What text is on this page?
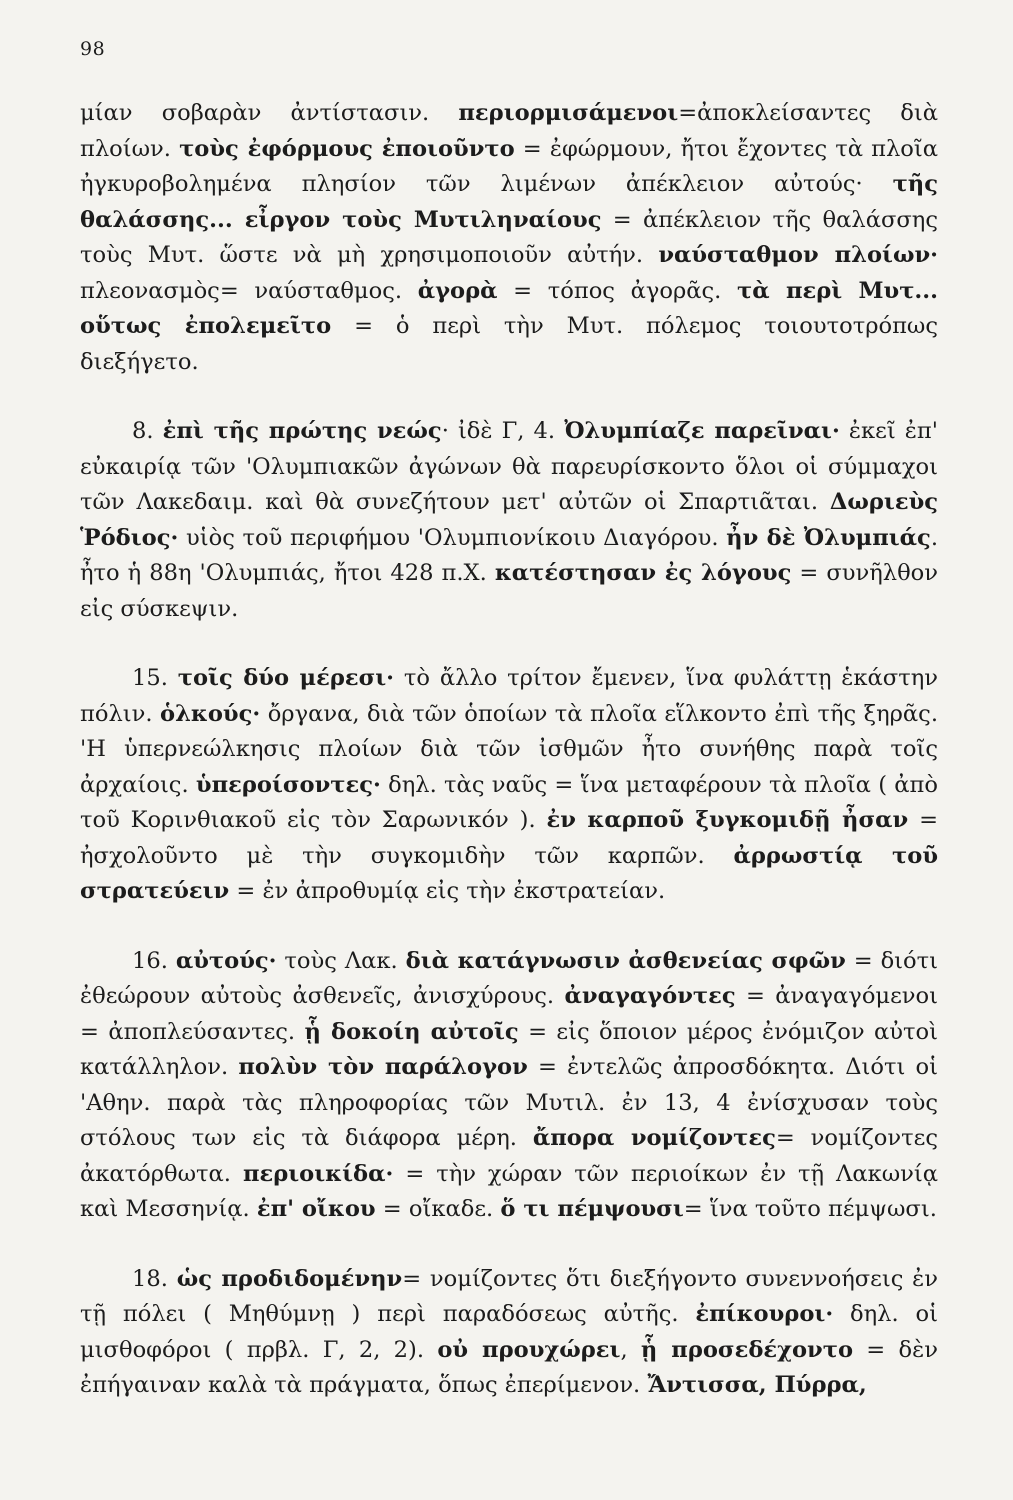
98

μίαν σοβαρὰν ἀντίστασιν. περιορμισάμενοι=ἀποκλείσαντες διὰ πλοίων. τοὺς ἐφόρμους ἐποιοῦντο = ἐφώρμουν, ἤτοι ἔχοντες τὰ πλοῖα ἠγκυροβολημένα πλησίον τῶν λιμένων ἀπέκλειον αὐτούς· τῆς θαλάσσης... εἶργον τοὺς Μυτιληναίους = ἀπέκλειον τῆς θαλάσσης τοὺς Μυτ. ὥστε νὰ μὴ χρησιμοποιοῦν αὐτήν. ναύσταθμον πλοίων· πλεονασμὸς= ναύσταθμος. ἀγορὰ = τόπος ἀγορᾶς. τὰ περὶ Μυτ... οὕτως ἐπολεμεῖτο = ὁ περὶ τὴν Μυτ. πόλεμος τοιουτοτρόπως διεξήγετο.

8. ἐπὶ τῆς πρώτης νεώς· ἰδὲ Γ, 4. Ὀλυμπίαζε παρεῖναι· ἐκεῖ ἐπ' εὐκαιρίᾳ τῶν 'Ολυμπιακῶν ἀγώνων θὰ παρευρίσκοντο ὅλοι οἱ σύμμαχοι τῶν Λακεδαιμ. καὶ θὰ συνεζήτουν μετ' αὐτῶν οἱ Σπαρτιᾶται. Δωριεὺς Ῥόδιος· υἱὸς τοῦ περιφήμου 'Ολυμπιονίκοιυ Διαγόρου. ἦν δὲ Ὀλυμπιάς. ἦτο ἡ 88η 'Ολυμπιάς, ἤτοι 428 π.Χ. κατέστησαν ἐς λόγους = συνῆλθον εἰς σύσκεψιν.

15. τοῖς δύο μέρεσι· τὸ ἄλλο τρίτον ἔμενεν, ἵνα φυλάττῃ ἑκάστην πόλιν. ὁλκούς· ὄργανα, διὰ τῶν ὁποίων τὰ πλοῖα εἵλκοντο ἐπὶ τῆς ξηρᾶς. 'Η ὑπερνεώλκησις πλοίων διὰ τῶν ἰσθμῶν ἦτο συνήθης παρὰ τοῖς ἀρχαίοις. ὑπεροίσοντες· δηλ. τὰς ναῦς = ἵνα μεταφέρουν τὰ πλοῖα ( ἀπὸ τοῦ Κορινθιακοῦ εἰς τὸν Σαρωνικόν ). ἐν καρποῦ ξυγκομιδῇ ἦσαν = ἠσχολοῦντο μὲ τὴν συγκομιδὴν τῶν καρπῶν. ἀρρωστίᾳ τοῦ στρατεύειν = ἐν ἀπροθυμίᾳ εἰς τὴν ἐκστρατείαν.

16. αὐτούς· τοὺς Λακ. διὰ κατάγνωσιν ἀσθενείας σφῶν = διότι ἐθεώρουν αὐτοὺς ἀσθενεῖς, ἀνισχύρους. ἀναγαγόντες = ἀναγαγόμενοι = ἀποπλεύσαντες. ᾗ δοκοίη αὐτοῖς = εἰς ὅποιον μέρος ἐνόμιζον αὐτοὶ κατάλληλον. πολὺν τὸν παράλογον = ἐντελῶς ἀπροσδόκητα. Διότι οἱ 'Αθην. παρὰ τὰς πληροφορίας τῶν Μυτιλ. ἐν 13, 4 ἐνίσχυσαν τοὺς στόλους των εἰς τὰ διάφορα μέρη. ἄπορα νομίζοντες= νομίζοντες ἀκατόρθωτα. περιοικίδα· = τὴν χώραν τῶν περιοίκων ἐν τῇ Λακωνίᾳ καὶ Μεσσηνίᾳ. ἐπ' οἴκου = οἴκαδε. ὅ τι πέμψουσι= ἵνα τοῦτο πέμψωσι.

18. ὡς προδιδομένην= νομίζοντες ὅτι διεξήγοντο συνεννοήσεις ἐν τῇ πόλει ( Μηθύμνῃ ) περὶ παραδόσεως αὐτῆς. ἐπίκουροι· δηλ. οἱ μισθοφόροι ( πρβλ. Γ, 2, 2). οὐ προυχώρει, ᾗ προσεδέχοντο = δὲν ἐπήγαιναν καλὰ τὰ πράγματα, ὅπως ἐπερίμενον. Ἄντισσα, Πύρρα,
